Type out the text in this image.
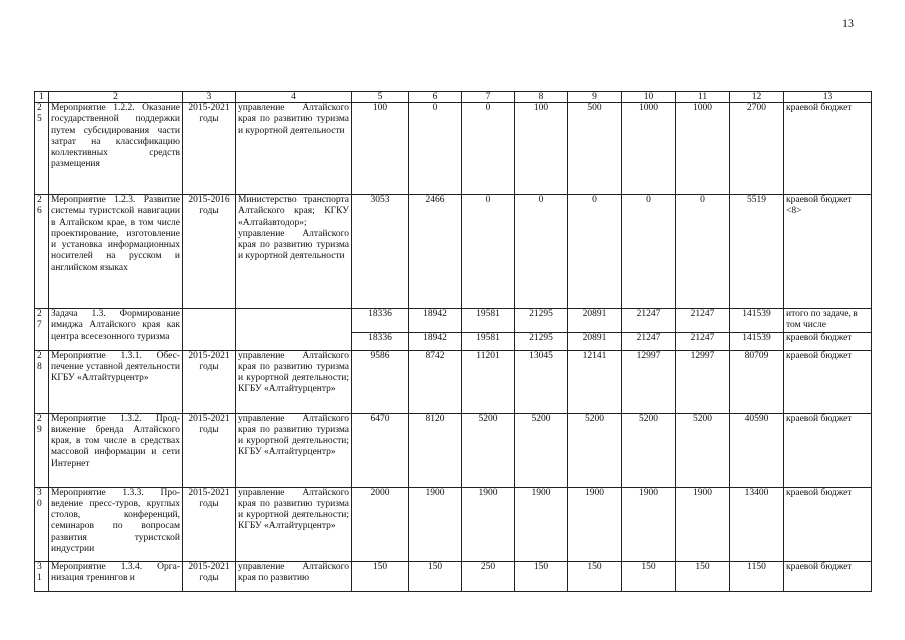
13
1	2	3	4	5	6	7	8	9	10	11	12	13
25	Мероприятие 1.2.2. Оказание государственной поддержки путем субсидирования части затрат на классификацию коллективных средств размещения	2015-2021 годы	управление Алтайского края по развитию туризма и курортной деятельности	100	0	0	100	500	1000	1000	2700	краевой бюджет
26	Мероприятие 1.2.3. Развитие системы туристской навигации в Алтайском крае, в том числе проектирование, изготовление и установка информационных носителей на русском и английском языках	2015-2016 годы	Министерство транспорта Алтайского края; КГКУ «Алтайавтодор»; управление Алтайского края по развитию туризма и курортной деятельности	3053	2466	0	0	0	0	0	5519	краевой бюджет <8>
27	Задача 1.3. Формирование имиджа Алтайского края как центра всесезонного туризма			18336	18942	19581	21295	20891	21247	21247	141539	итого по задаче, в том числе
				18336	18942	19581	21295	20891	21247	21247	141539	краевой бюджет
28	Мероприятие 1.3.1. Обеспечение уставной деятельности КГБУ «Алтайтурцентр»	2015-2021 годы	управление Алтайского края по развитию туризма и курортной деятельности; КГБУ «Алтайтурцентр»	9586	8742	11201	13045	12141	12997	12997	80709	краевой бюджет
29	Мероприятие 1.3.2. Продвижение бренда Алтайского края, в том числе в средствах массовой информации и сети Интернет	2015-2021 годы	управление Алтайского края по развитию туризма и курортной деятельности; КГБУ «Алтайтурцентр»	6470	8120	5200	5200	5200	5200	5200	40590	краевой бюджет
30	Мероприятие 1.3.3. Проведение пресс-туров, круглых столов, конференций, семинаров по вопросам развития туристской индустрии	2015-2021 годы	управление Алтайского края по развитию туризма и курортной деятельности; КГБУ «Алтайтурцентр»	2000	1900	1900	1900	1900	1900	1900	13400	краевой бюджет
31	Мероприятие 1.3.4. Организация тренингов и	2015-2021 годы	управление Алтайского края по развитию	150	150	250	150	150	150	150	1150	краевой бюджет
